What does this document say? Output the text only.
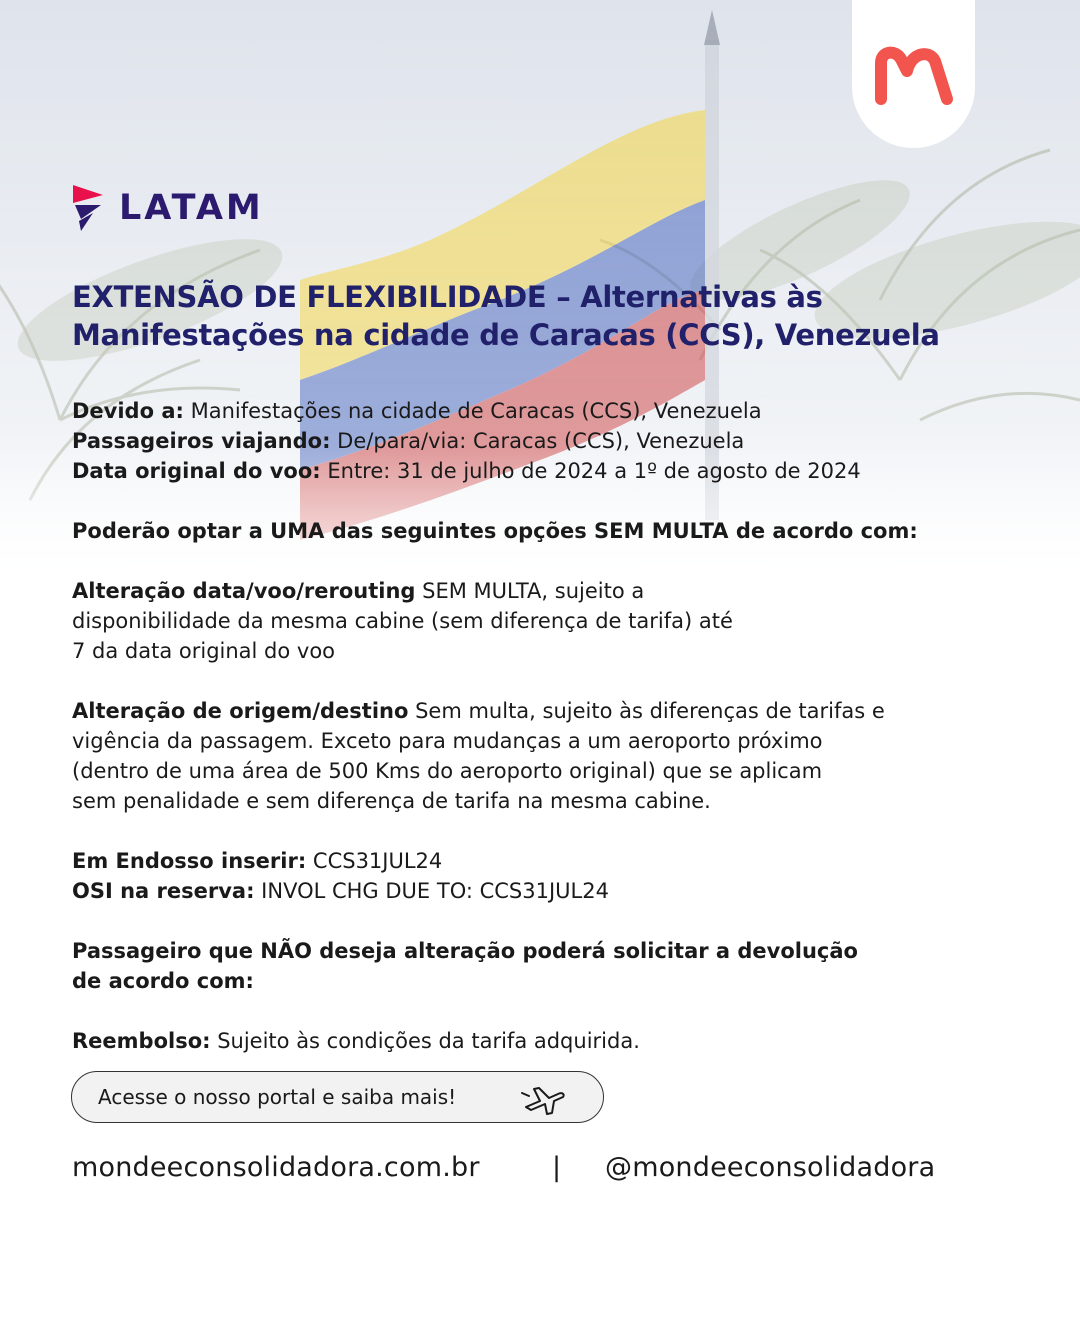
LATAM
EXTENSÃO DE FLEXIBILIDADE – Alternativas às
Manifestações na cidade de Caracas (CCS), Venezuela

Devido a: Manifestações na cidade de Caracas (CCS), Venezuela

Passageiros viajando: De/para/via: Caracas (CCS), Venezuela

Data original do voo: Entre: 31 de julho de 2024 a 1º de agosto de 2024

Poderão optar a UMA das seguintes opções SEM MULTA de acordo com:

Alteração data/voo/rerouting SEM MULTA, sujeito a

disponibilidade da mesma cabine (sem diferença de tarifa) até

7 da data original do voo

Alteração de origem/destino Sem multa, sujeito às diferenças de tarifas e

vigência da passagem. Exceto para mudanças a um aeroporto próximo

(dentro de uma área de 500 Kms do aeroporto original) que se aplicam

sem penalidade e sem diferença de tarifa na mesma cabine.

Em Endosso inserir: CCS31JUL24

OSI na reserva: INVOL CHG DUE TO: CCS31JUL24

Passageiro que NÃO deseja alteração poderá solicitar a devolução

de acordo com:

Reembolso: Sujeito às condições da tarifa adquirida.

Acesse o nosso portal e saiba mais!
mondeeconsolidadora.com.br	| @mondeeconsolidadora
